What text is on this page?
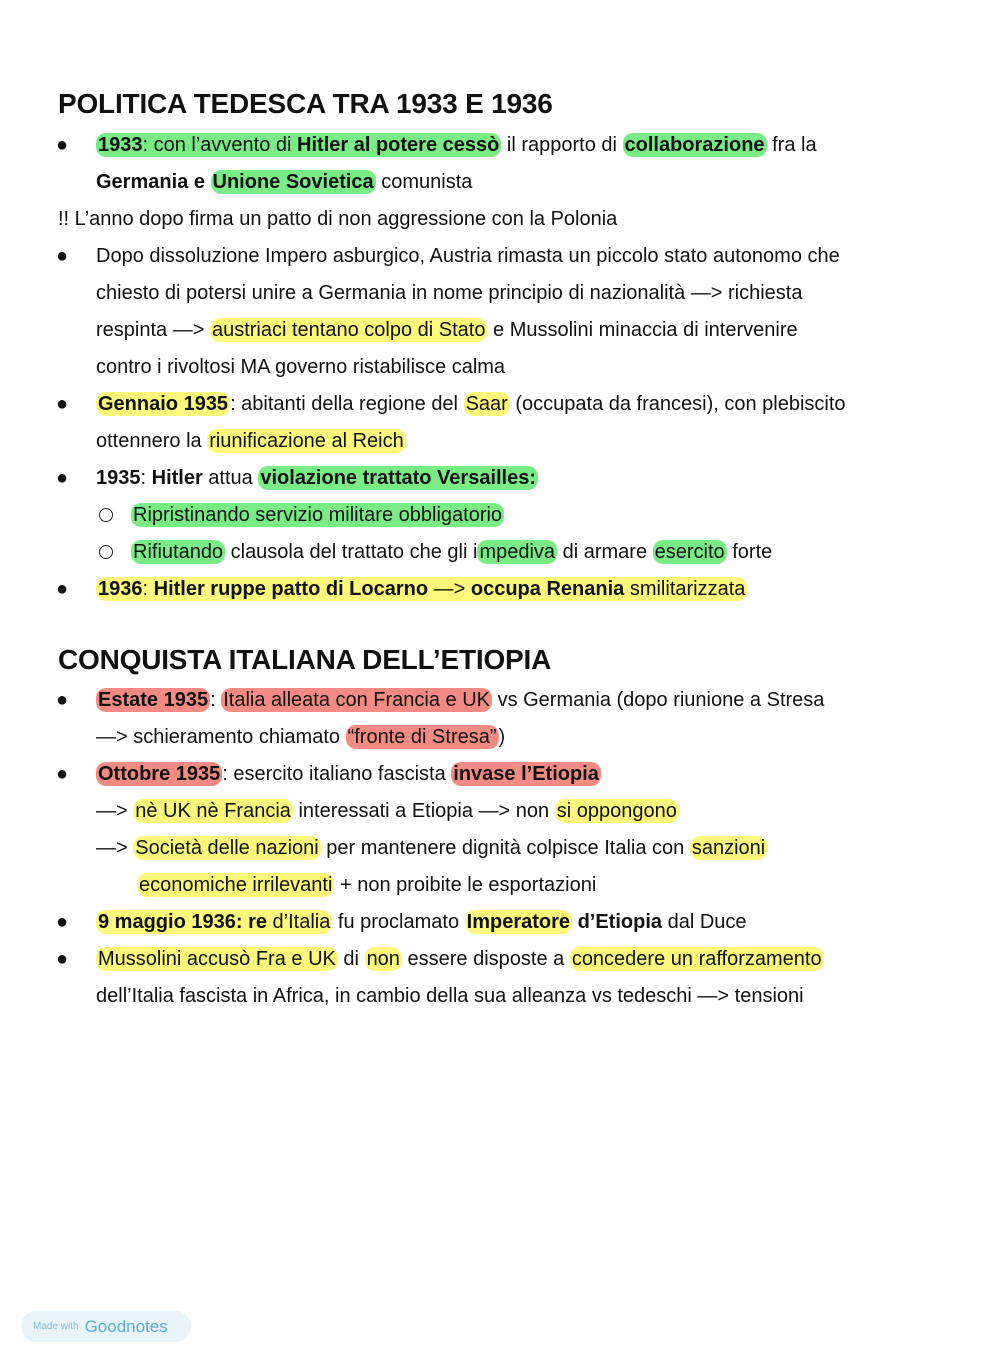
POLITICA TEDESCA TRA 1933 E 1936
● 1933: con l’avvento di Hitler al potere cessò il rapporto di collaborazione fra la
Germania e Unione Sovietica comunista
!! L’anno dopo firma un patto di non aggressione con la Polonia
● Dopo dissoluzione Impero asburgico, Austria rimasta un piccolo stato autonomo che
chiesto di potersi unire a Germania in nome principio di nazionalità —> richiesta
respinta —> austriaci tentano colpo di Stato e Mussolini minaccia di intervenire
contro i rivoltosi MA governo ristabilisce calma
● Gennaio 1935 : abitanti della regione del Saar (occupata da francesi), con plebiscito
ottennero la riunificazione al Reich
● 1935: Hitler attua violazione trattato Versailles:
Ripristinando servizio militare obbligatorio
Rifiutando clausola del trattato che gli i mpediva di armare esercito forte
● 1936: Hitler ruppe patto di Locarno —> occupa Renania smilitarizzata
CONQUISTA ITALIANA DELL’ETIOPIA
● Estate 1935 : Italia alleata con Francia e UK vs Germania (dopo riunione a Stresa
—> schieramento chiamato “fronte di Stresa” )
● Ottobre 1935 : esercito italiano fascista invase l’Etiopia
—> nè UK nè Francia interessati a Etiopia —> non si oppongono
—> Società delle nazioni per mantenere dignità colpisce Italia con sanzioni
economiche irrilevanti + non proibite le esportazioni
● 9 maggio 1936: re d’Italia fu proclamato Imperatore d’Etiopia dal Duce
● Mussolini accusò Fra e UK di non essere disposte a concedere un rafforzamento
dell’Italia fascista in Africa, in cambio della sua alleanza vs tedeschi —> tensioni
Made with Goodnotes
